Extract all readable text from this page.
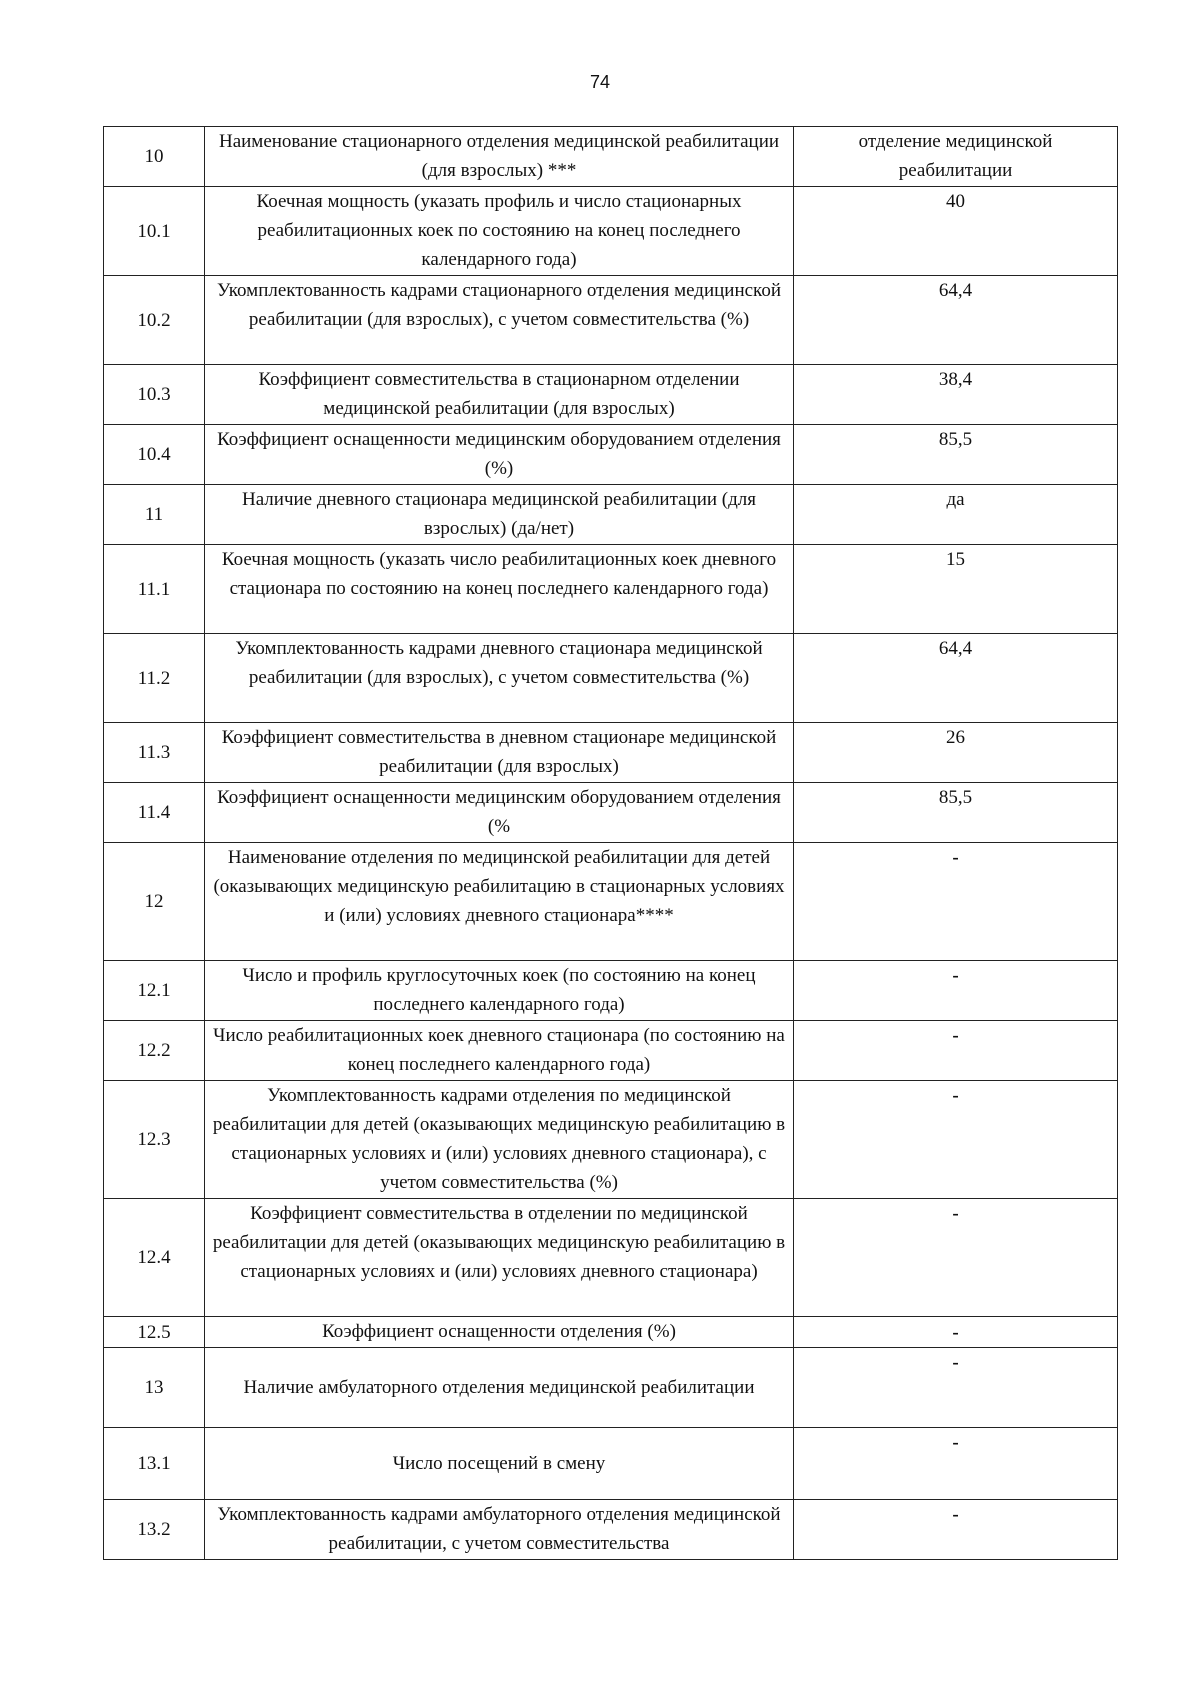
74
10	Наименование стационарного отделения медицинской реабилитации (для взрослых) ***	отделение медицинской реабилитации
10.1	Коечная мощность (указать профиль и число стационарных реабилитационных коек по состоянию на конец последнего календарного года)	40
10.2	Укомплектованность кадрами стационарного отделения медицинской реабилитации (для взрослых), с учетом совместительства (%)	64,4
10.3	Коэффициент совместительства в стационарном отделении медицинской реабилитации (для взрослых)	38,4
10.4	Коэффициент оснащенности медицинским оборудованием отделения (%)	85,5
11	Наличие дневного стационара медицинской реабилитации (для взрослых) (да/нет)	да
11.1	Коечная мощность (указать число реабилитационных коек дневного стационара по состоянию на конец последнего календарного года)	15
11.2	Укомплектованность кадрами дневного стационара медицинской реабилитации (для взрослых), с учетом совместительства (%)	64,4
11.3	Коэффициент совместительства в дневном стационаре медицинской реабилитации (для взрослых)	26
11.4	Коэффициент оснащенности медицинским оборудованием отделения (%	85,5
12	Наименование отделения по медицинской реабилитации для детей (оказывающих медицинскую реабилитацию в стационарных условиях и (или) условиях дневного стационара****	-
12.1	Число и профиль круглосуточных коек (по состоянию на конец последнего календарного года)	-
12.2	Число реабилитационных коек дневного стационара (по состоянию на конец последнего календарного года)	-
12.3	Укомплектованность кадрами отделения по медицинской реабилитации для детей (оказывающих медицинскую реабилитацию в стационарных условиях и (или) условиях дневного стационара), с учетом совместительства (%)	-
12.4	Коэффициент совместительства в отделении по медицинской реабилитации для детей (оказывающих медицинскую реабилитацию в стационарных условиях и (или) условиях дневного стационара)	-
12.5	Коэффициент оснащенности отделения (%)	-
13	Наличие амбулаторного отделения медицинской реабилитации	-
13.1	Число посещений в смену	-
13.2	Укомплектованность кадрами амбулаторного отделения медицинской реабилитации, с учетом совместительства	-
